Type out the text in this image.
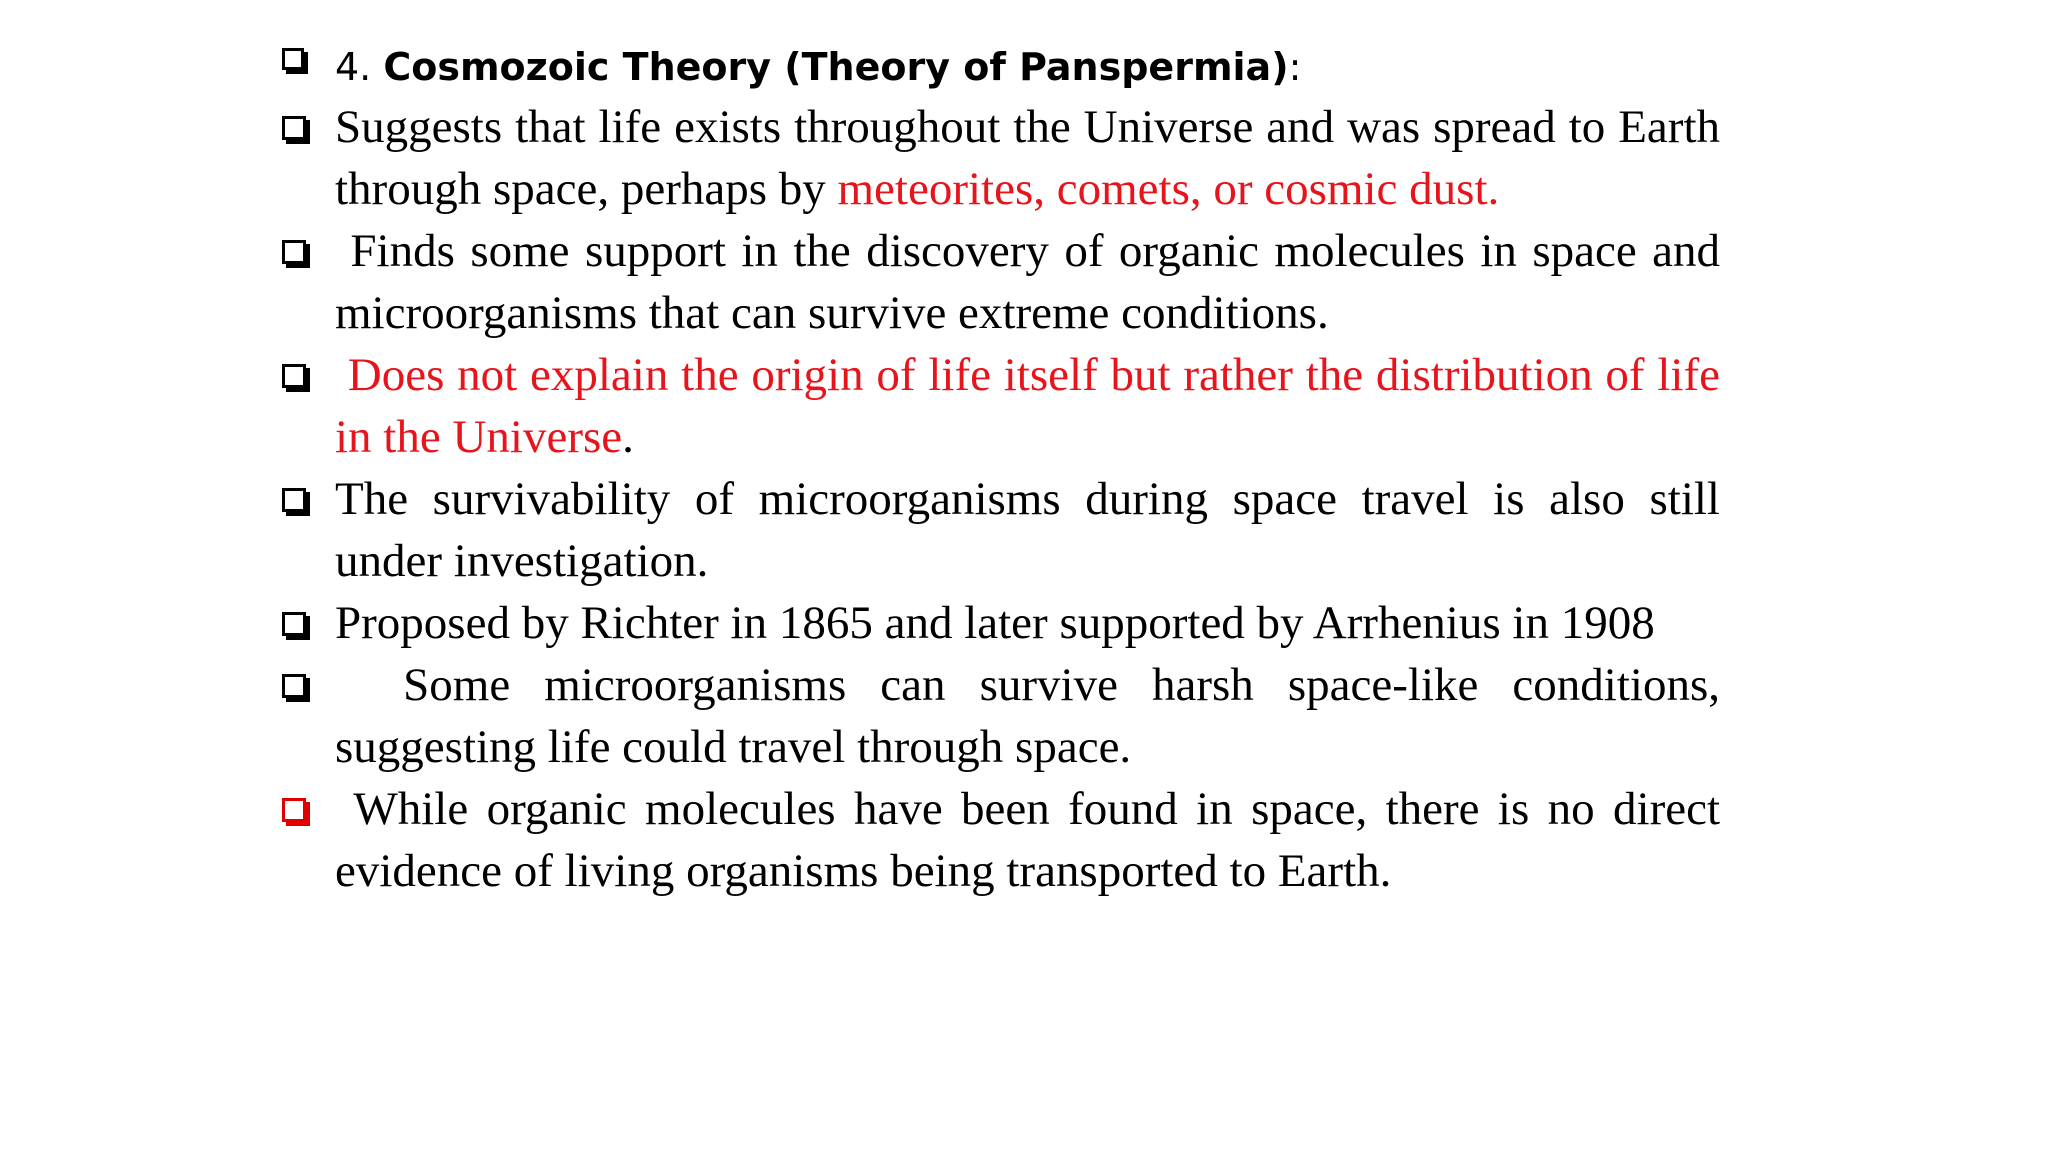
4. Cosmozoic Theory (Theory of Panspermia):
Suggests that life exists throughout the Universe and was spread to Earth through space, perhaps by meteorites, comets, or cosmic dust.
Finds some support in the discovery of organic molecules in space and microorganisms that can survive extreme conditions.
Does not explain the origin of life itself but rather the distribution of life in the Universe.
The survivability of microorganisms during space travel is also still under investigation.
Proposed by Richter in 1865 and later supported by Arrhenius in 1908
Some microorganisms can survive harsh space-like conditions, suggesting life could travel through space.
While organic molecules have been found in space, there is no direct evidence of living organisms being transported to Earth.
